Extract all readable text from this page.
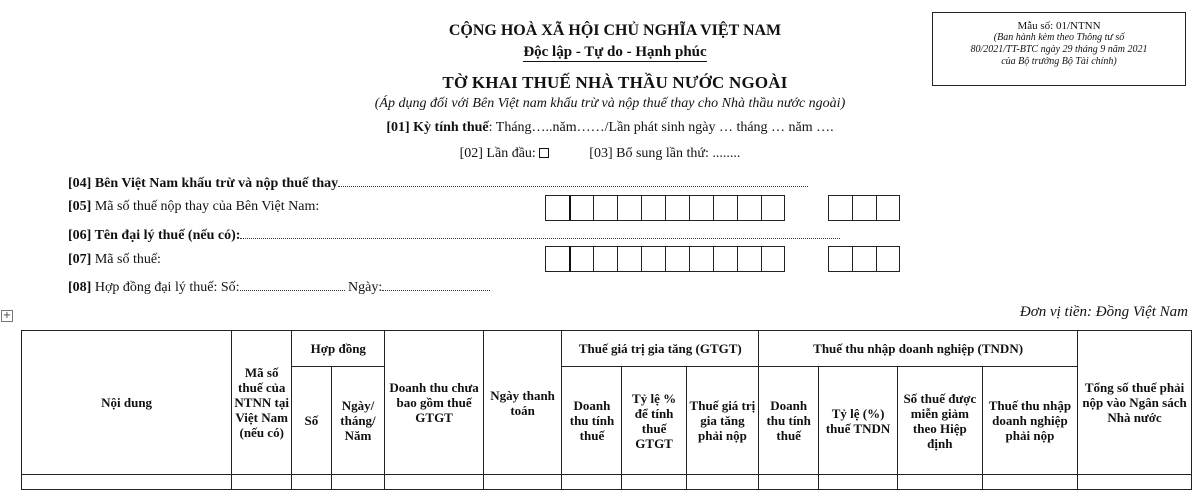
CỘNG HOÀ XÃ HỘI CHỦ NGHĨA VIỆT NAM
Độc lập - Tự do - Hạnh phúc
TỜ KHAI THUẾ NHÀ THẦU NƯỚC NGOÀI
(Áp dụng đối với Bên Việt nam khấu trừ và nộp thuế thay cho Nhà thầu nước ngoài)
[01] Kỳ tính thuế: Tháng…..năm……/Lần phát sinh ngày … tháng … năm ….
[02] Lần đầu:	[03] Bổ sung lần thứ: ........
Mẫu số: 01/NTNN
(Ban hành kèm theo Thông tư số
80/2021/TT-BTC ngày 29 tháng 9 năm 2021
của Bộ trưởng Bộ Tài chính)
[04] Bên Việt Nam khấu trừ và nộp thuế thay
[05] Mã số thuế nộp thay của Bên Việt Nam:
[06] Tên đại lý thuế (nếu có):
[07] Mã số thuế:
[08] Hợp đồng đại lý thuế: Số:	Ngày:
+	Đơn vị tiền: Đồng Việt Nam
Nội dung	Mã số thuế của NTNN tại Việt Nam (nếu có)	Hợp đồng		Doanh thu chưa bao gồm thuế GTGT	Ngày thanh toán	Thuế giá trị gia tăng (GTGT)			Thuế thu nhập doanh nghiệp (TNDN)				Tổng số thuế phải nộp vào Ngân sách Nhà nước
		Số	Ngày/ tháng/ Năm			Doanh thu tính thuế	Tỷ lệ % để tính thuế GTGT	Thuế giá trị gia tăng phải nộp	Doanh thu tính thuế	Tỷ lệ (%) thuế TNDN	Số thuế được miễn giảm theo Hiệp định	Thuế thu nhập doanh nghiệp phải nộp	
